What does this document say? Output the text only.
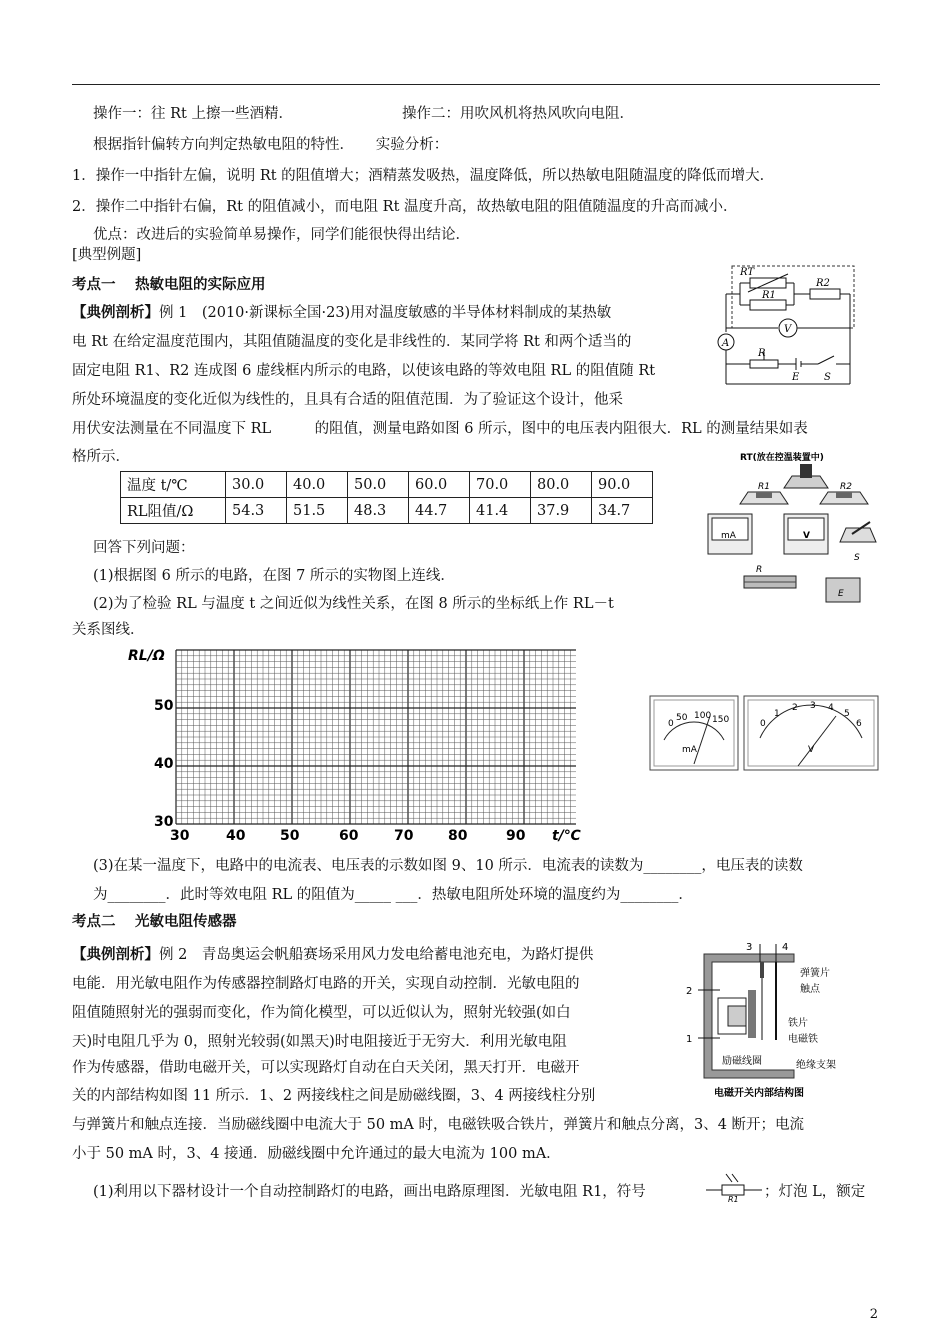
操作一：往 Rt 上擦一些酒精．	操作二：用吹风机将热风吹向电阻．
根据指针偏转方向判定热敏电阻的特性．　　实验分析：
1．操作一中指针左偏，说明 Rt 的阻值增大；酒精蒸发吸热，温度降低，所以热敏电阻随温度的降低而增大．
2．操作二中指针右偏，Rt 的阻值减小，而电阻 Rt 温度升高，故热敏电阻的阻值随温度的升高而减小．
优点：改进后的实验简单易操作，同学们能很快得出结论．
[典型例题]
考点一　 热敏电阻的实际应用
【典例剖析】例 1　(2010·新课标全国·23)用对温度敏感的半导体材料制成的某热敏
电 Rt 在给定温度范围内，其阻值随温度的变化是非线性的．某同学将 Rt 和两个适当的
固定电阻 R1、R2 连成图 6 虚线框内所示的电路，以使该电路的等效电阻 RL 的阻值随 Rt
所处环境温度的变化近似为线性的，且具有合适的阻值范围．为了验证这个设计，他采
用伏安法测量在不同温度下 RL　　　的阻值，测量电路如图 6 所示，图中的电压表内阻很大．RL 的测量结果如表
格所示．
温度 t/℃	30.0	40.0	50.0	60.0	70.0	80.0	90.0
RL阻值/Ω	54.3	51.5	48.3	44.7	41.4	37.9	34.7
回答下列问题：
(1)根据图 6 所示的电路，在图 7 所示的实物图上连线．
(2)为了检验 RL 与温度 t 之间近似为线性关系，在图 8 所示的坐标纸上作 RL－t
关系图线．
RT
R1
R2
V
A
R
E S
RT(放在控温装置中)
R1	R2
mA	V
S
R
E
RL/Ω
t/℃
50
40
30
30	40 50	60	70 80	90
0
50 100 150
mA
0
1
2 3 4
5
6
V
(3)在某一温度下，电路中的电流表、电压表的示数如图 9、10 所示．电流表的读数为________，电压表的读数
为________．此时等效电阻 RL 的阻值为_____ ___．热敏电阻所处环境的温度约为________．
考点二　 光敏电阻传感器
【典例剖析】例 2　青岛奥运会帆船赛场采用风力发电给蓄电池充电，为路灯提供
电能．用光敏电阻作为传感器控制路灯电路的开关，实现自动控制．光敏电阻的
阻值随照射光的强弱而变化，作为简化模型，可以近似认为，照射光较强(如白
天)时电阻几乎为 0，照射光较弱(如黑天)时电阻接近于无穷大．利用光敏电阻
作为传感器，借助电磁开关，可以实现路灯自动在白天关闭，黑天打开．电磁开
关的内部结构如图 11 所示．1、2 两接线柱之间是励磁线圈，3、4 两接线柱分别
与弹簧片和触点连接．当励磁线圈中电流大于 50 mA 时，电磁铁吸合铁片，弹簧片和触点分离，3、4 断开；电流
小于 50 mA 时，3、4 接通．励磁线圈中允许通过的最大电流为 100 mA．
(1)利用以下器材设计一个自动控制路灯的电路，画出电路原理图．光敏电阻 R1，符号	R1 ；灯泡 L，额定
2
1
3	4
弹簧片
触点
铁片
电磁铁
励磁线圈	绝缘支架
电磁开关内部结构图
2
